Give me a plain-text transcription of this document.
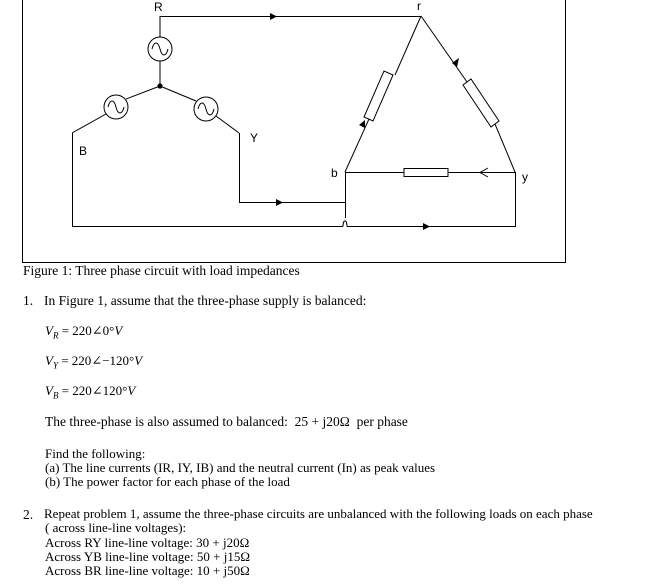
R
B
Y
r
b	y
Figure 1: Three phase circuit with load impedances
1. In Figure 1, assume that the three-phase supply is balanced:
$V_R$ = 220∠0°V
$V_Y$ = 220∠−120°V
$V_B$ = 220∠120°V
The three-phase is also assumed to balanced: 25 + j20Ω per phase
Find the following:
(a) The line currents (IR, IY, IB) and the neutral current (In) as peak values
(b) The power factor for each phase of the load
2. Repeat problem 1, assume the three-phase circuits are unbalanced with the following loads on each phase
( across line-line voltages):
Across RY line-line voltage: 30 + j20Ω
Across YB line-line voltage: 50 + j15Ω
Across BR line-line voltage: 10 + j50Ω
